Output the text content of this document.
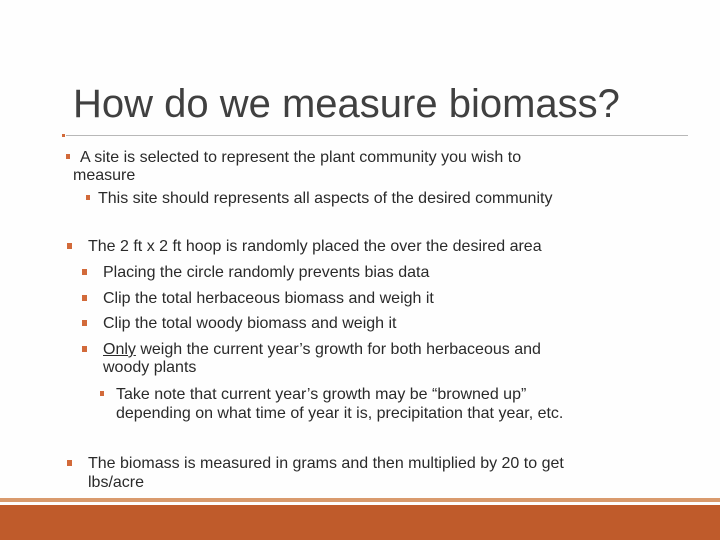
How do we measure biomass?
A site is selected to represent the plant community you wish to
measure
This site should represents all aspects of the desired community
The 2 ft x 2 ft hoop is randomly placed the over the desired area
Placing the circle randomly prevents bias data
Clip the total herbaceous biomass and weigh it
Clip the total woody biomass and weigh it
Only weigh the current year’s growth for both herbaceous and
woody plants
Take note that current year’s growth may be “browned up”
depending on what time of year it is, precipitation that year, etc.
The biomass is measured in grams and then multiplied by 20 to get
lbs/acre
